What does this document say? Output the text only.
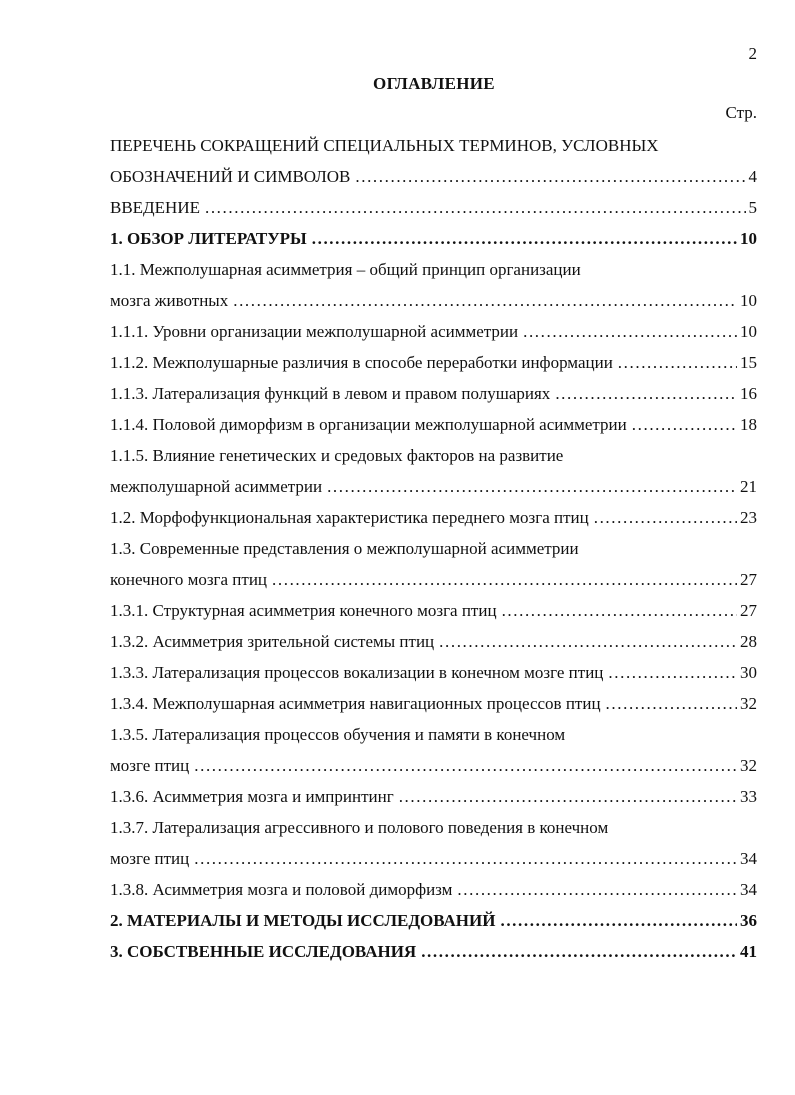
2
ОГЛАВЛЕНИЕ
Стр.
ПЕРЕЧЕНЬ СОКРАЩЕНИЙ СПЕЦИАЛЬНЫХ ТЕРМИНОВ, УСЛОВНЫХ
ОБОЗНАЧЕНИЙ И СИМВОЛОВ .....	4
ВВЕДЕНИЕ .....	5
1. ОБЗОР ЛИТЕРАТУРЫ .....	10
1.1. Межполушарная асимметрия – общий принцип организации
мозга животных .....	10
1.1.1. Уровни организации межполушарной асимметрии .....	10
1.1.2. Межполушарные различия в способе переработки информации .....	15
1.1.3. Латерализация функций в левом и правом полушариях .....	16
1.1.4. Половой диморфизм в организации межполушарной асимметрии .....	18
1.1.5. Влияние генетических и средовых факторов на развитие
межполушарной асимметрии .....	21
1.2. Морфофункциональная характеристика переднего мозга птиц .....	23
1.3. Современные представления о межполушарной асимметрии
конечного мозга птиц .....	27
1.3.1. Структурная асимметрия конечного мозга птиц .....	27
1.3.2. Асимметрия зрительной системы птиц .....	28
1.3.3. Латерализация процессов вокализации в конечном мозге птиц .....	30
1.3.4. Межполушарная асимметрия навигационных процессов птиц .....	32
1.3.5. Латерализация процессов обучения и памяти в конечном
мозге птиц .....	32
1.3.6. Асимметрия мозга и импринтинг .....	33
1.3.7. Латерализация агрессивного и полового поведения в конечном
мозге птиц .....	34
1.3.8. Асимметрия мозга и половой диморфизм .....	34
2. МАТЕРИАЛЫ И МЕТОДЫ ИССЛЕДОВАНИЙ .....	36
3. СОБСТВЕННЫЕ ИССЛЕДОВАНИЯ .....	41
